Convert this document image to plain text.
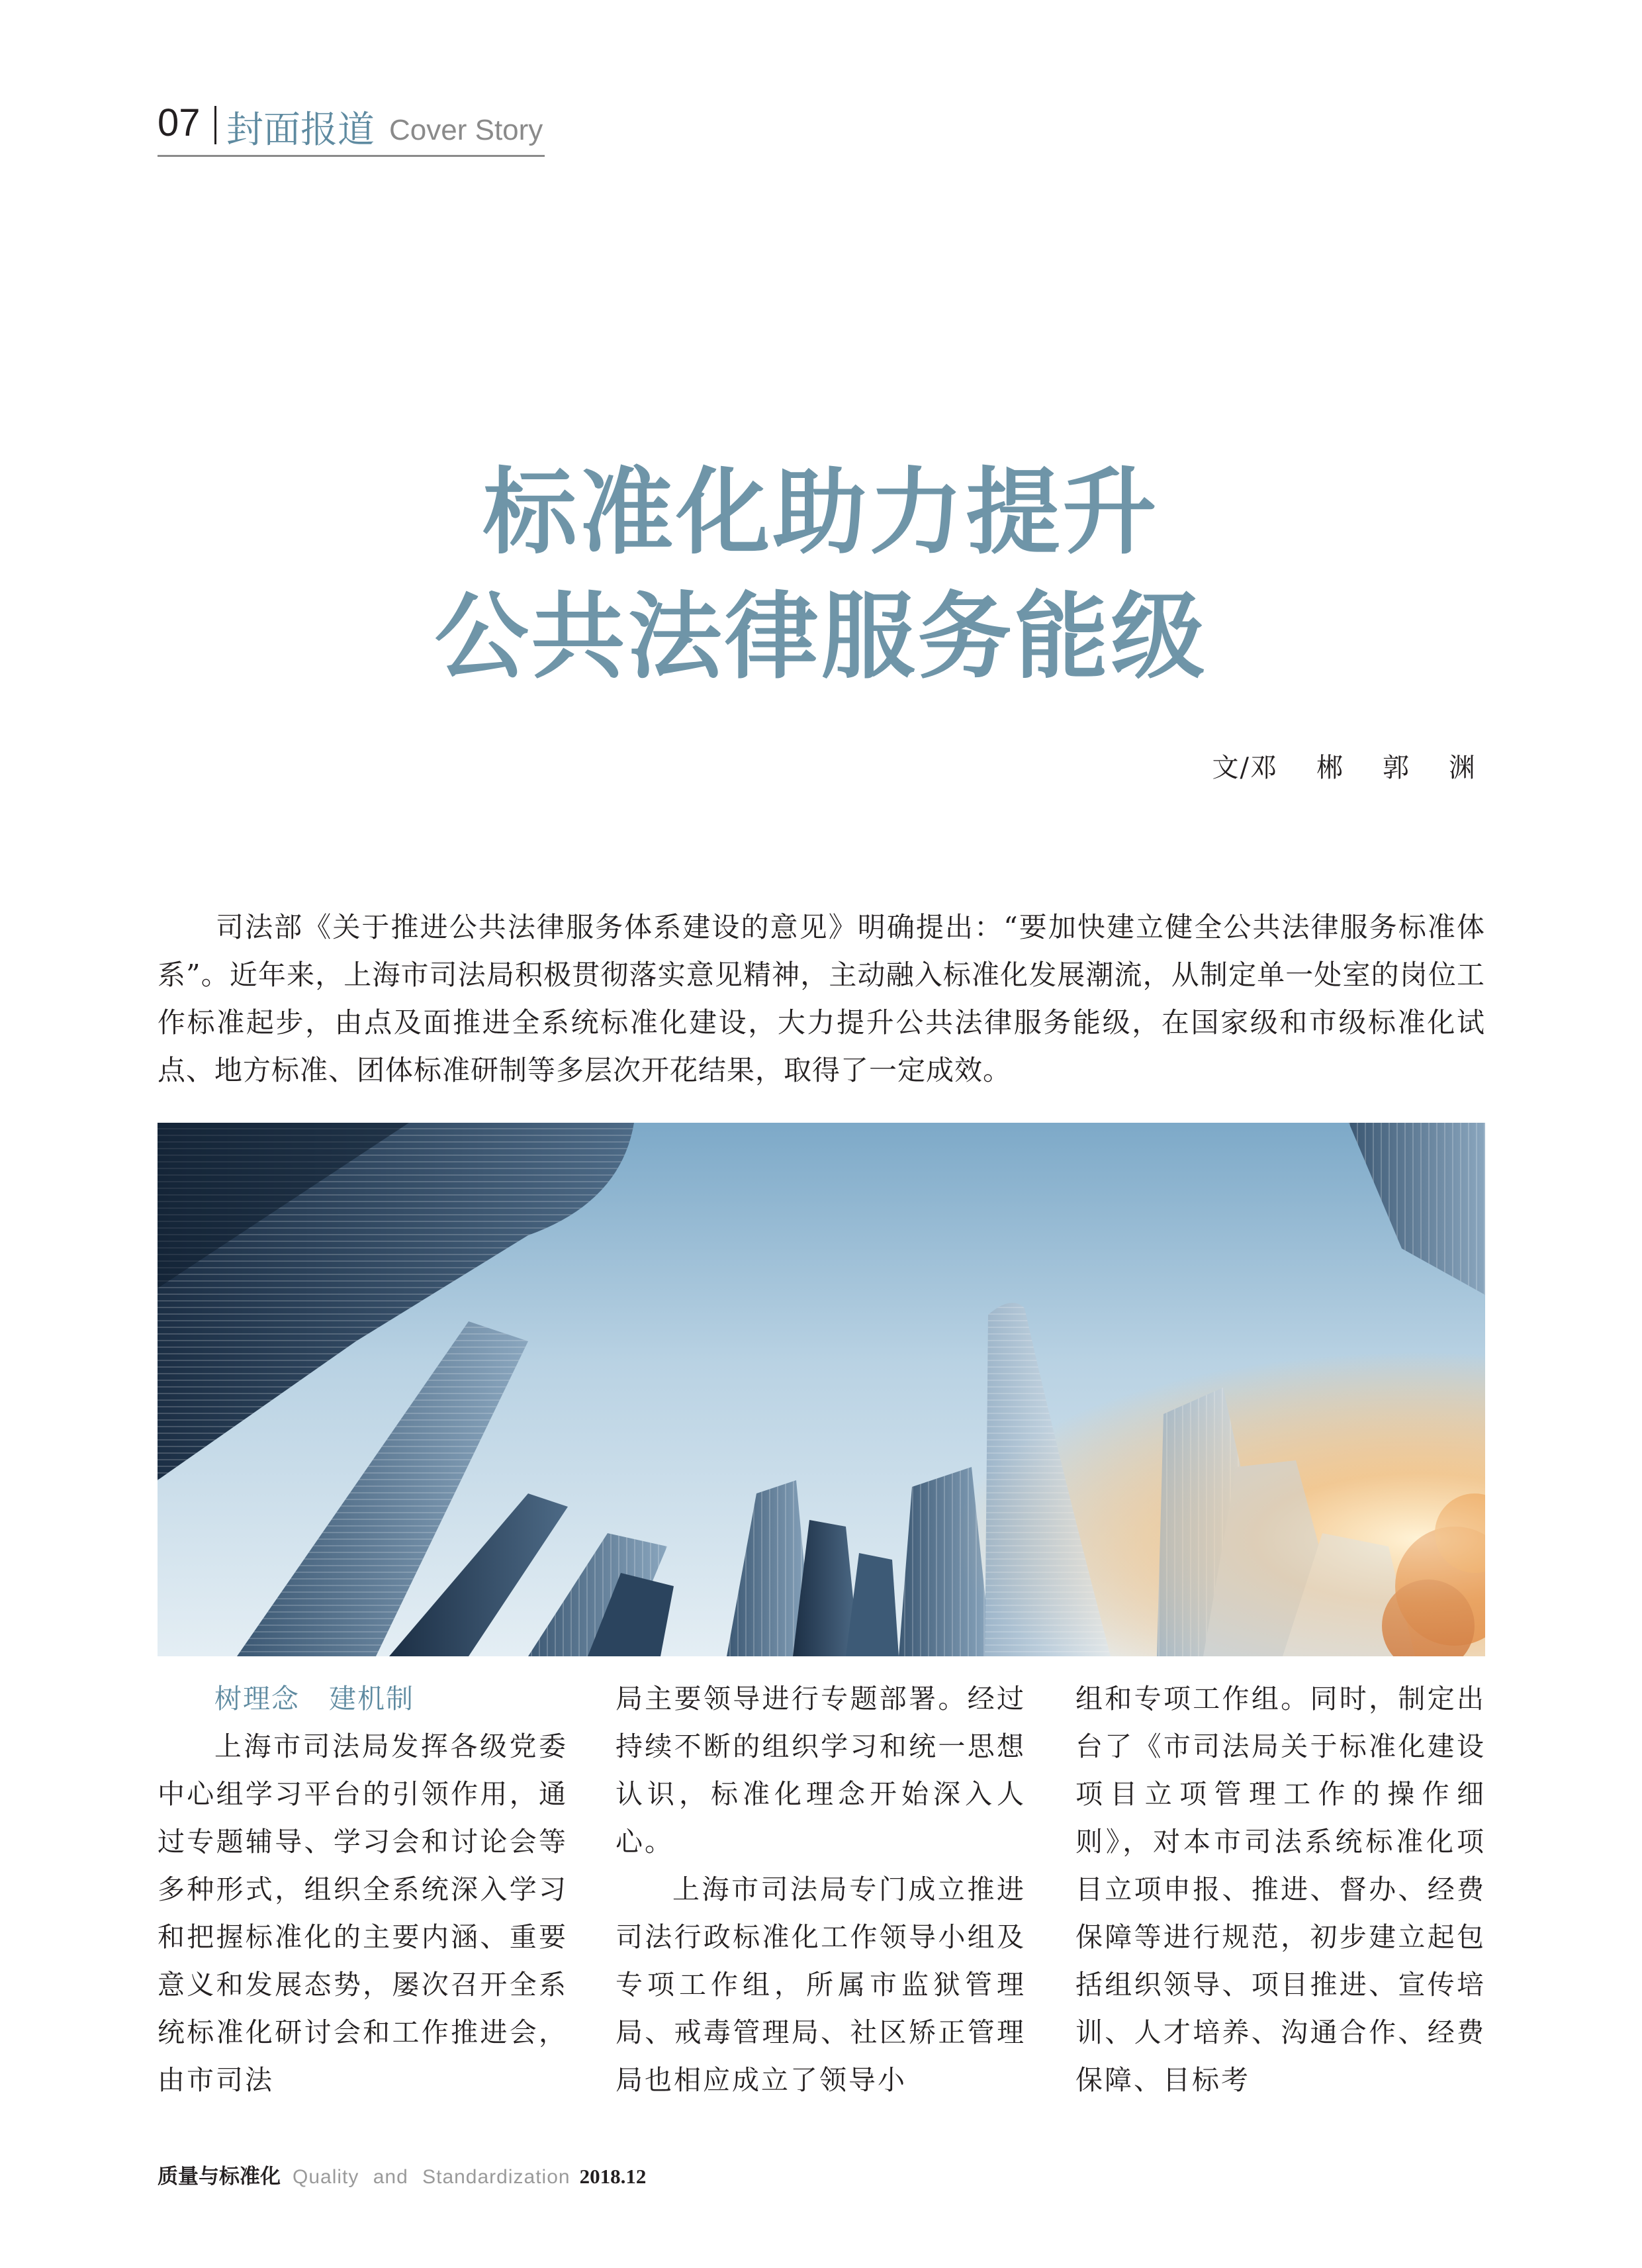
07 封面报道 Cover Story
标准化助力提升
公共法律服务能级
文/邓 郴 郭 渊

司法部《关于推进公共法律服务体系建设的意见》明确提出：“要加快建立健全公共法律服务标准体系”。近年来，上海市司法局积极贯彻落实意见精神，主动融入标准化发展潮流，从制定单一处室的岗位工作标准起步，由点及面推进全系统标准化建设，大力提升公共法律服务能级，在国家级和市级标准化试点、地方标准、团体标准研制等多层次开花结果，取得了一定成效。

树理念 建机制

上海市司法局发挥各级党委中心组学习平台的引领作用，通过专题辅导、学习会和讨论会等多种形式，组织全系统深入学习和把握标准化的主要内涵、重要意义和发展态势，屡次召开全系统标准化研讨会和工作推进会，由市司法

局主要领导进行专题部署。经过持续不断的组织学习和统一思想认识，标准化理念开始深入人心。

上海市司法局专门成立推进司法行政标准化工作领导小组及专项工作组，所属市监狱管理局、戒毒管理局、社区矫正管理局也相应成立了领导小

组和专项工作组。同时，制定出台了《市司法局关于标准化建设项目立项管理工作的操作细则》，对本市司法系统标准化项目立项申报、推进、督办、经费保障等进行规范，初步建立起包括组织领导、项目推进、宣传培训、人才培养、沟通合作、经费保障、目标考

质量与标准化 Quality and Standardization 2018.12
